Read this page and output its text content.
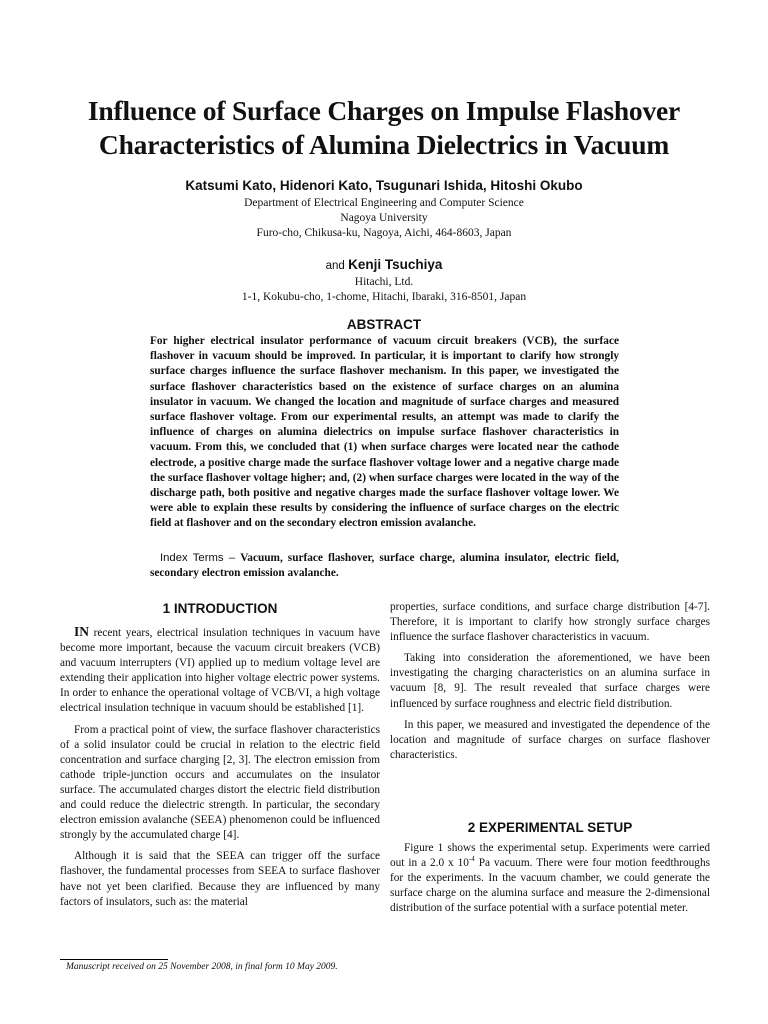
Influence of Surface Charges on Impulse Flashover
Characteristics of Alumina Dielectrics in Vacuum
Katsumi Kato, Hidenori Kato, Tsugunari Ishida, Hitoshi Okubo
Department of Electrical Engineering and Computer Science
Nagoya University
Furo-cho, Chikusa-ku, Nagoya, Aichi, 464-8603, Japan
and Kenji Tsuchiya
Hitachi, Ltd.
1-1, Kokubu-cho, 1-chome, Hitachi, Ibaraki, 316-8501, Japan
ABSTRACT
For higher electrical insulator performance of vacuum circuit breakers (VCB), the surface flashover in vacuum should be improved. In particular, it is important to clarify how strongly surface charges influence the surface flashover mechanism. In this paper, we investigated the surface flashover characteristics based on the existence of surface charges on an alumina insulator in vacuum. We changed the location and magnitude of surface charges and measured surface flashover voltage. From our experimental results, an attempt was made to clarify the influence of charges on alumina dielectrics on impulse surface flashover characteristics in vacuum. From this, we concluded that (1) when surface charges were located near the cathode electrode, a positive charge made the surface flashover voltage lower and a negative charge made the surface flashover voltage higher; and, (2) when surface charges were located in the way of the discharge path, both positive and negative charges made the surface flashover voltage lower. We were able to explain these results by considering the influence of surface charges on the electric field at flashover and on the secondary electron emission avalanche.
Index Terms – Vacuum, surface flashover, surface charge, alumina insulator, electric field, secondary electron emission avalanche.
1 INTRODUCTION

IN recent years, electrical insulation techniques in vacuum have become more important, because the vacuum circuit breakers (VCB) and vacuum interrupters (VI) applied up to medium voltage level are extending their application into higher voltage electric power systems. In order to enhance the operational voltage of VCB/VI, a high voltage electrical insulation technique in vacuum should be established [1].

From a practical point of view, the surface flashover characteristics of a solid insulator could be crucial in relation to the electric field concentration and surface charging [2, 3]. The electron emission from cathode triple-junction occurs and accumulates on the insulator surface. The accumulated charges distort the electric field distribution and could reduce the dielectric strength. In particular, the secondary electron emission avalanche (SEEA) phenomenon could be influenced strongly by the accumulated charge [4].

Although it is said that the SEEA can trigger off the surface flashover, the fundamental processes from SEEA to surface flashover have not yet been clarified. Because they are influenced by many factors of insulators, such as: the material

properties, surface conditions, and surface charge distribution [4-7]. Therefore, it is important to clarify how strongly surface charges influence the surface flashover characteristics in vacuum.

Taking into consideration the aforementioned, we have been investigating the charging characteristics on an alumina surface in vacuum [8, 9]. The result revealed that surface charges were influenced by surface roughness and electric field distribution.

In this paper, we measured and investigated the dependence of the location and magnitude of surface charges on surface flashover characteristics.

2 EXPERIMENTAL SETUP

Figure 1 shows the experimental setup. Experiments were carried out in a 2.0 x $10^{-4}$ Pa vacuum. There were four motion feedthroughs for the experiments. In the vacuum chamber, we could generate the surface charge on the alumina surface and measure the 2-dimensional distribution of the surface potential with a surface potential meter.

Manuscript received on 25 November 2008, in final form 10 May 2009.
